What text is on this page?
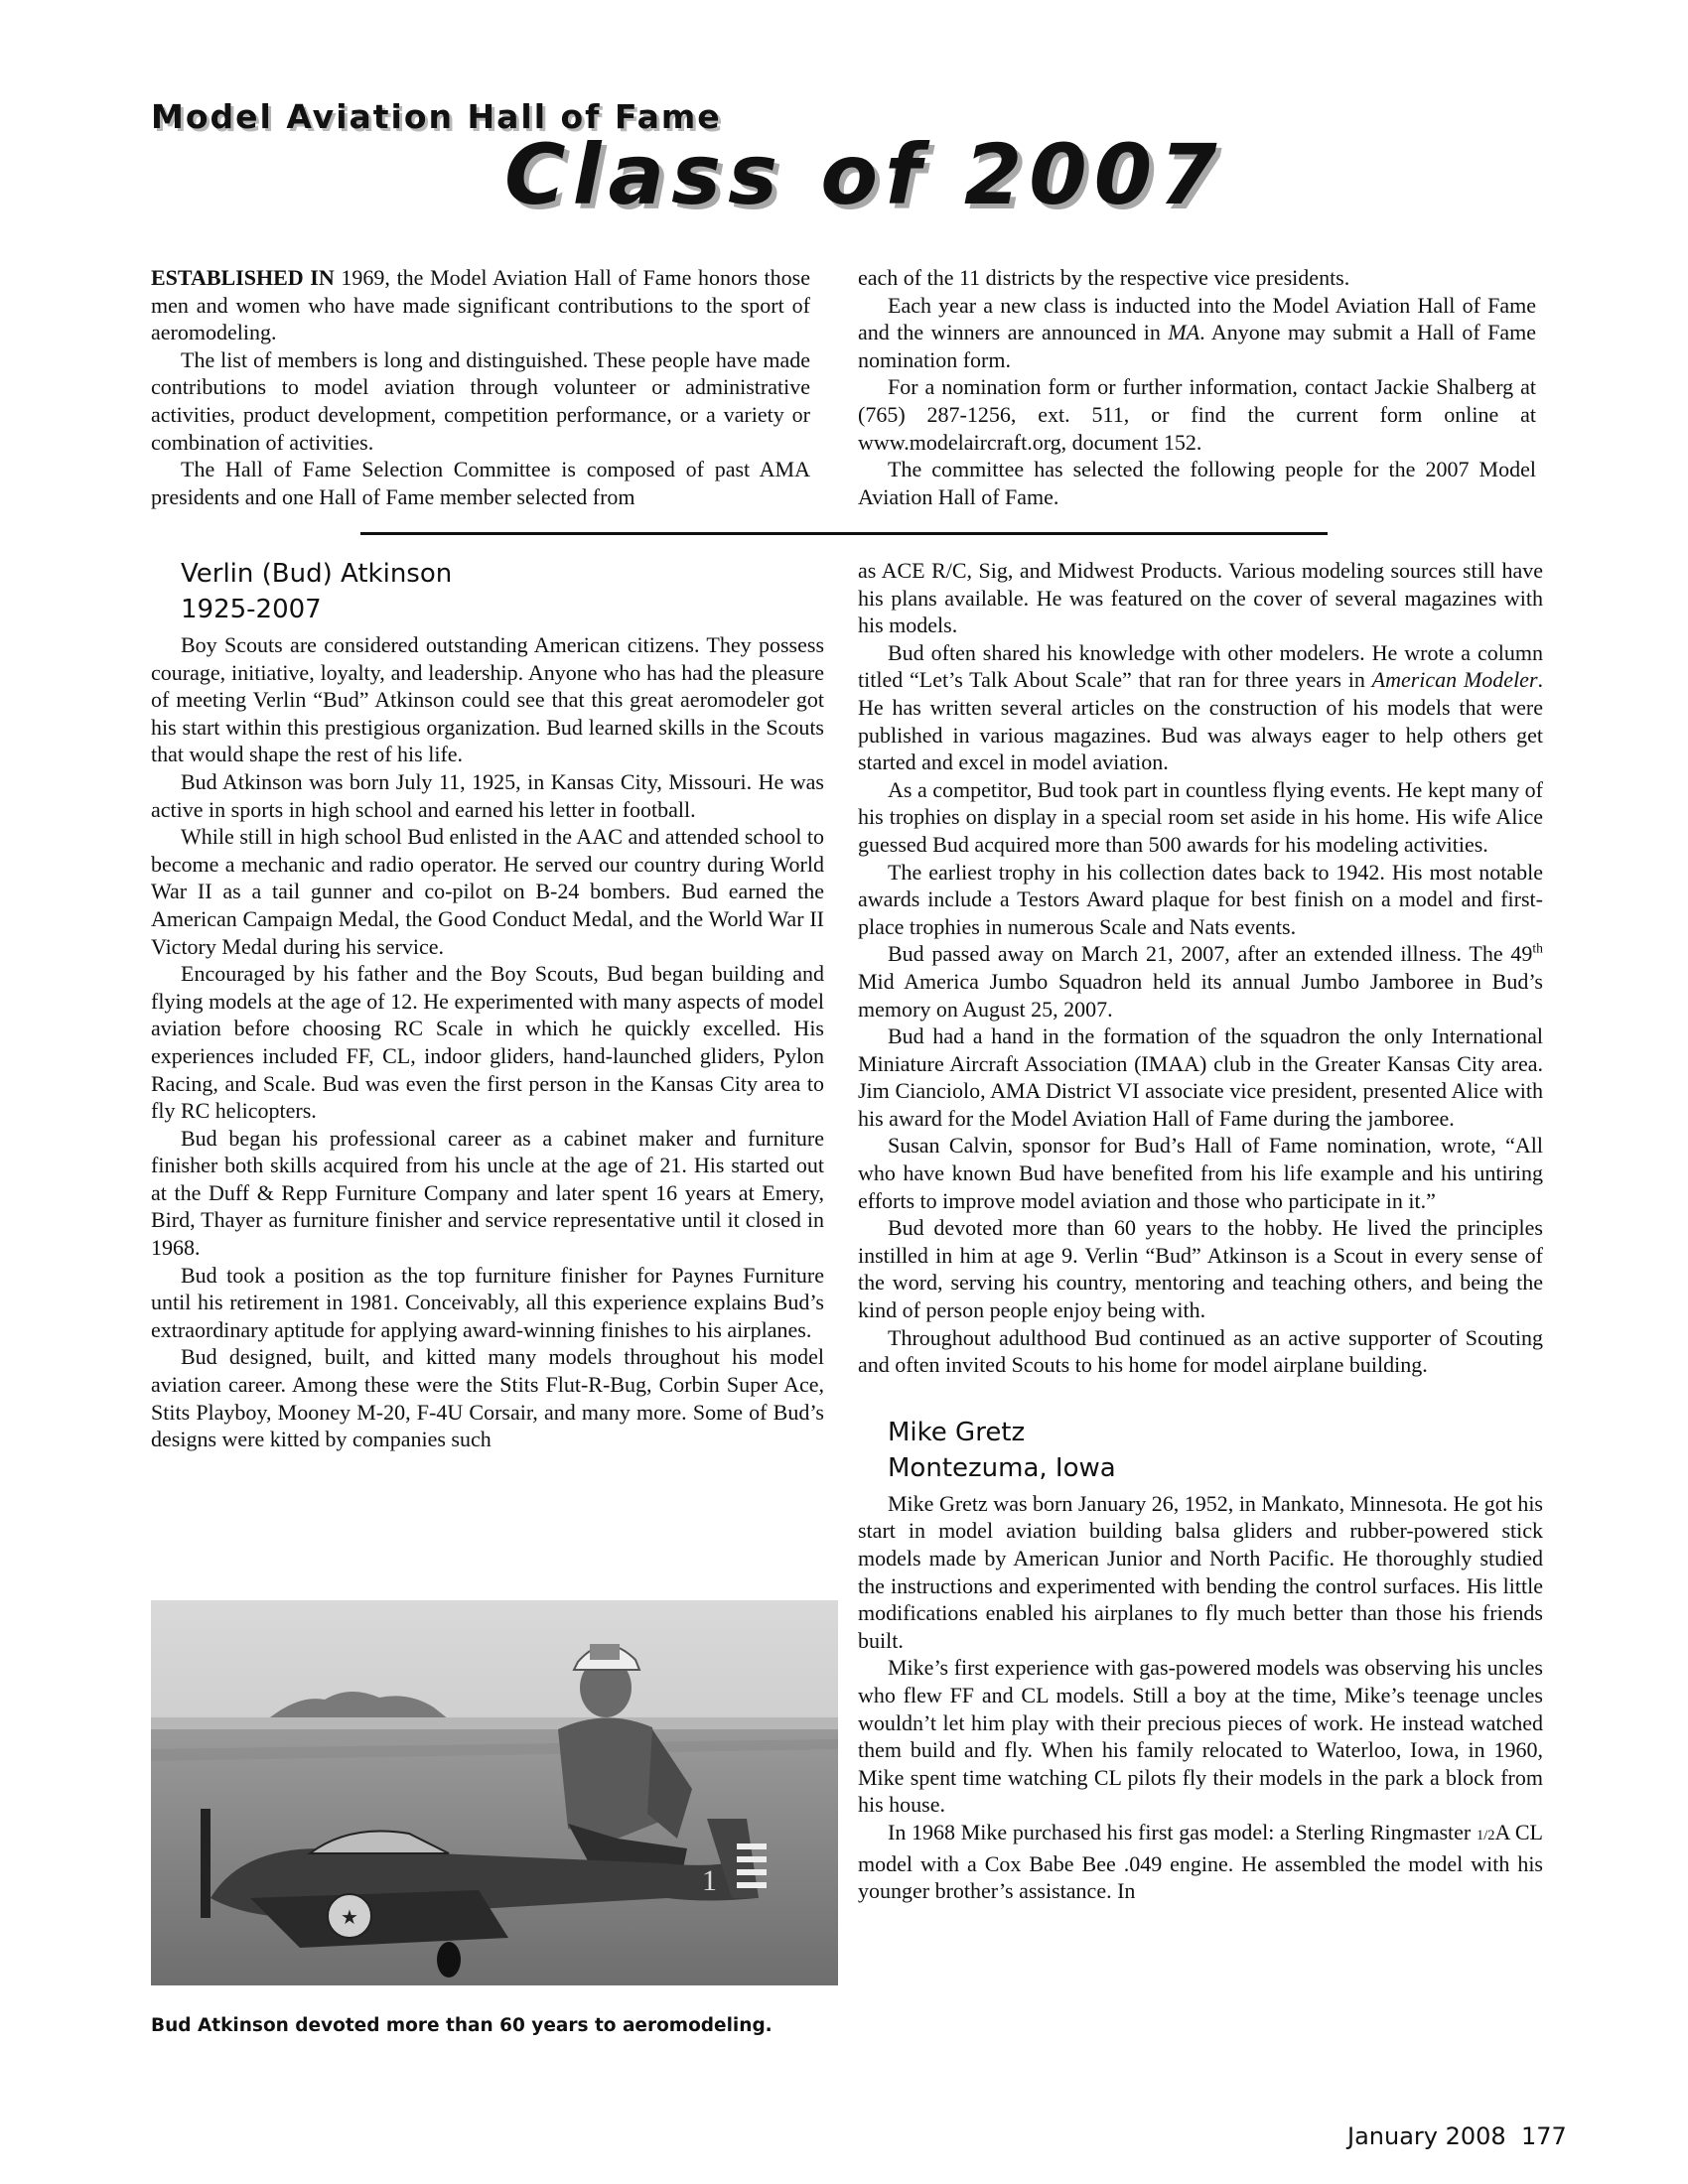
Model Aviation Hall of Fame
Class of 2007

ESTABLISHED IN 1969, the Model Aviation Hall of Fame honors those men and women who have made significant contributions to the sport of aeromodeling.

The list of members is long and distinguished. These people have made contributions to model aviation through volunteer or administrative activities, product development, competition performance, or a variety or combination of activities.

The Hall of Fame Selection Committee is composed of past AMA presidents and one Hall of Fame member selected from

each of the 11 districts by the respective vice presidents.

Each year a new class is inducted into the Model Aviation Hall of Fame and the winners are announced in MA. Anyone may submit a Hall of Fame nomination form.

For a nomination form or further information, contact Jackie Shalberg at (765) 287-1256, ext. 511, or find the current form online at www.modelaircraft.org, document 152.

The committee has selected the following people for the 2007 Model Aviation Hall of Fame.

Verlin (Bud) Atkinson

1925-2007

Boy Scouts are considered outstanding American citizens. They possess courage, initiative, loyalty, and leadership. Anyone who has had the pleasure of meeting Verlin “Bud” Atkinson could see that this great aeromodeler got his start within this prestigious organization. Bud learned skills in the Scouts that would shape the rest of his life.

Bud Atkinson was born July 11, 1925, in Kansas City, Missouri. He was active in sports in high school and earned his letter in football.

While still in high school Bud enlisted in the AAC and attended school to become a mechanic and radio operator. He served our country during World War II as a tail gunner and co-pilot on B-24 bombers. Bud earned the American Campaign Medal, the Good Conduct Medal, and the World War II Victory Medal during his service.

Encouraged by his father and the Boy Scouts, Bud began building and flying models at the age of 12. He experimented with many aspects of model aviation before choosing RC Scale in which he quickly excelled. His experiences included FF, CL, indoor gliders, hand-launched gliders, Pylon Racing, and Scale. Bud was even the first person in the Kansas City area to fly RC helicopters.

Bud began his professional career as a cabinet maker and furniture finisher both skills acquired from his uncle at the age of 21. His started out at the Duff & Repp Furniture Company and later spent 16 years at Emery, Bird, Thayer as furniture finisher and service representative until it closed in 1968.

Bud took a position as the top furniture finisher for Paynes Furniture until his retirement in 1981. Conceivably, all this experience explains Bud’s extraordinary aptitude for applying award-winning finishes to his airplanes.

Bud designed, built, and kitted many models throughout his model aviation career. Among these were the Stits Flut-R-Bug, Corbin Super Ace, Stits Playboy, Mooney M-20, F-4U Corsair, and many more. Some of Bud’s designs were kitted by companies such

as ACE R/C, Sig, and Midwest Products. Various modeling sources still have his plans available. He was featured on the cover of several magazines with his models.

Bud often shared his knowledge with other modelers. He wrote a column titled “Let’s Talk About Scale” that ran for three years in American Modeler. He has written several articles on the construction of his models that were published in various magazines. Bud was always eager to help others get started and excel in model aviation.

As a competitor, Bud took part in countless flying events. He kept many of his trophies on display in a special room set aside in his home. His wife Alice guessed Bud acquired more than 500 awards for his modeling activities.

The earliest trophy in his collection dates back to 1942. His most notable awards include a Testors Award plaque for best finish on a model and first-place trophies in numerous Scale and Nats events.

Bud passed away on March 21, 2007, after an extended illness. The 49th Mid America Jumbo Squadron held its annual Jumbo Jamboree in Bud’s memory on August 25, 2007.

Bud had a hand in the formation of the squadron the only International Miniature Aircraft Association (IMAA) club in the Greater Kansas City area. Jim Cianciolo, AMA District VI associate vice president, presented Alice with his award for the Model Aviation Hall of Fame during the jamboree.

Susan Calvin, sponsor for Bud’s Hall of Fame nomination, wrote, “All who have known Bud have benefited from his life example and his untiring efforts to improve model aviation and those who participate in it.”

Bud devoted more than 60 years to the hobby. He lived the principles instilled in him at age 9. Verlin “Bud” Atkinson is a Scout in every sense of the word, serving his country, mentoring and teaching others, and being the kind of person people enjoy being with.

Throughout adulthood Bud continued as an active supporter of Scouting and often invited Scouts to his home for model airplane building.

Mike Gretz

Montezuma, Iowa

Mike Gretz was born January 26, 1952, in Mankato, Minnesota. He got his start in model aviation building balsa gliders and rubber-powered stick models made by American Junior and North Pacific. He thoroughly studied the instructions and experimented with bending the control surfaces. His little modifications enabled his airplanes to fly much better than those his friends built.

Mike’s first experience with gas-powered models was observing his uncles who flew FF and CL models. Still a boy at the time, Mike’s teenage uncles wouldn’t let him play with their precious pieces of work. He instead watched them build and fly. When his family relocated to Waterloo, Iowa, in 1960, Mike spent time watching CL pilots fly their models in the park a block from his house.

In 1968 Mike purchased his first gas model: a Sterling Ringmaster 1/2A CL model with a Cox Babe Bee .049 engine. He assembled the model with his younger brother’s assistance. In

★
1

Bud Atkinson devoted more than 60 years to aeromodeling.

January 2008  177
